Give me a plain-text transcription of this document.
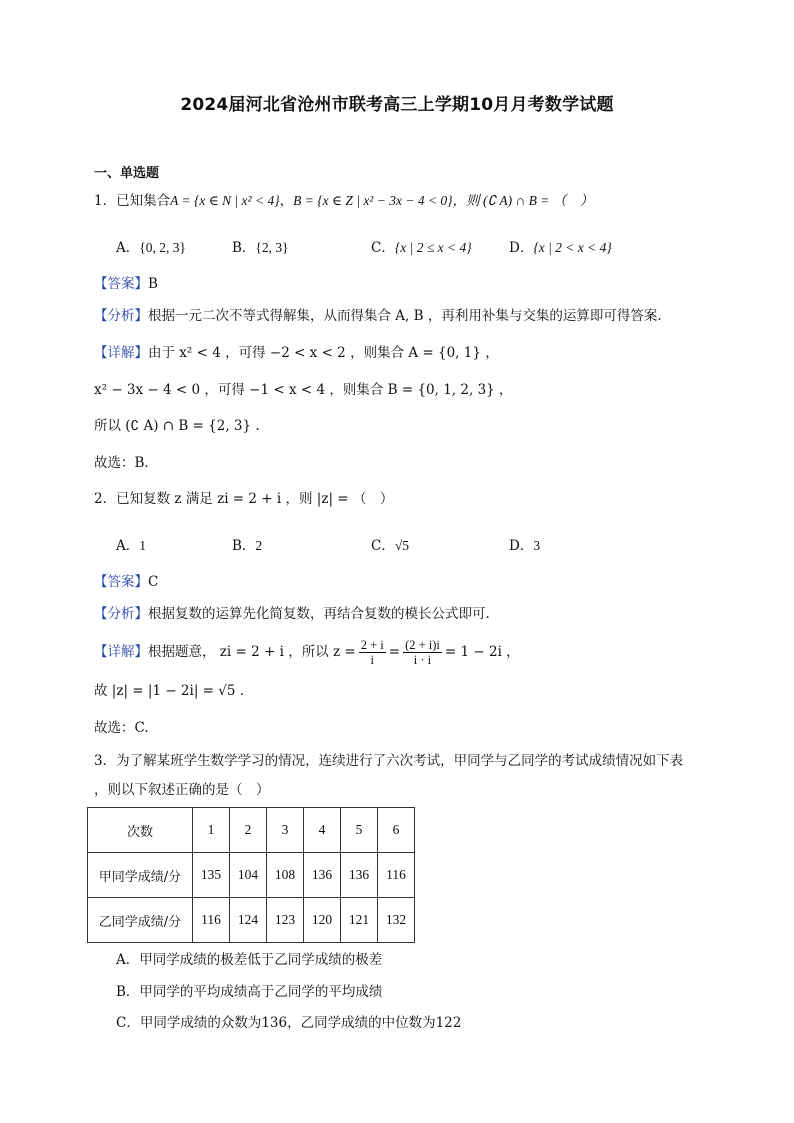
2024届河北省沧州市联考高三上学期10月月考数学试题
一、单选题
1．已知集合A = {x ∈ N | x² < 4}，B = {x ∈ Z | x² − 3x − 4 < 0}，则 (∁ A) ∩ B = （　）
A．{0, 2, 3}	B．{2, 3}	C．{x | 2 ≤ x < 4}	D．{x | 2 < x < 4}
【答案】B
【分析】根据一元二次不等式得解集，从而得集合 A, B ，再利用补集与交集的运算即可得答案.
【详解】由于 x² < 4 ，可得 −2 < x < 2 ，则集合 A = {0, 1} ，
x² − 3x − 4 < 0 ，可得 −1 < x < 4 ，则集合 B = {0, 1, 2, 3} ，
所以 (∁ A) ∩ B = {2, 3} .
故选：B.
2．已知复数 z 满足 zi = 2 + i ，则 |z| = （　）
A．1	B．2	C．√5	D．3
【答案】C
【分析】根据复数的运算先化简复数，再结合复数的模长公式即可.
【详解】 根据题意， zi = 2 + i ，所以 $z = \frac{2 + i}{i} = \frac{(2 + i)i}{i \cdot i} = 1 - 2i$ ，
故 |z| = |1 − 2i| = √5 .
故选：C.
3．为了解某班学生数学学习的情况，连续进行了六次考试，甲同学与乙同学的考试成绩情况如下表
，则以下叙述正确的是（　）
次数	1	2	3	4	5	6
甲同学成绩/分	135	104	108	136	136	116
乙同学成绩/分	116	124	123	120	121	132
A．甲同学成绩的极差低于乙同学成绩的极差
B．甲同学的平均成绩高于乙同学的平均成绩
C．甲同学成绩的众数为136，乙同学成绩的中位数为122
